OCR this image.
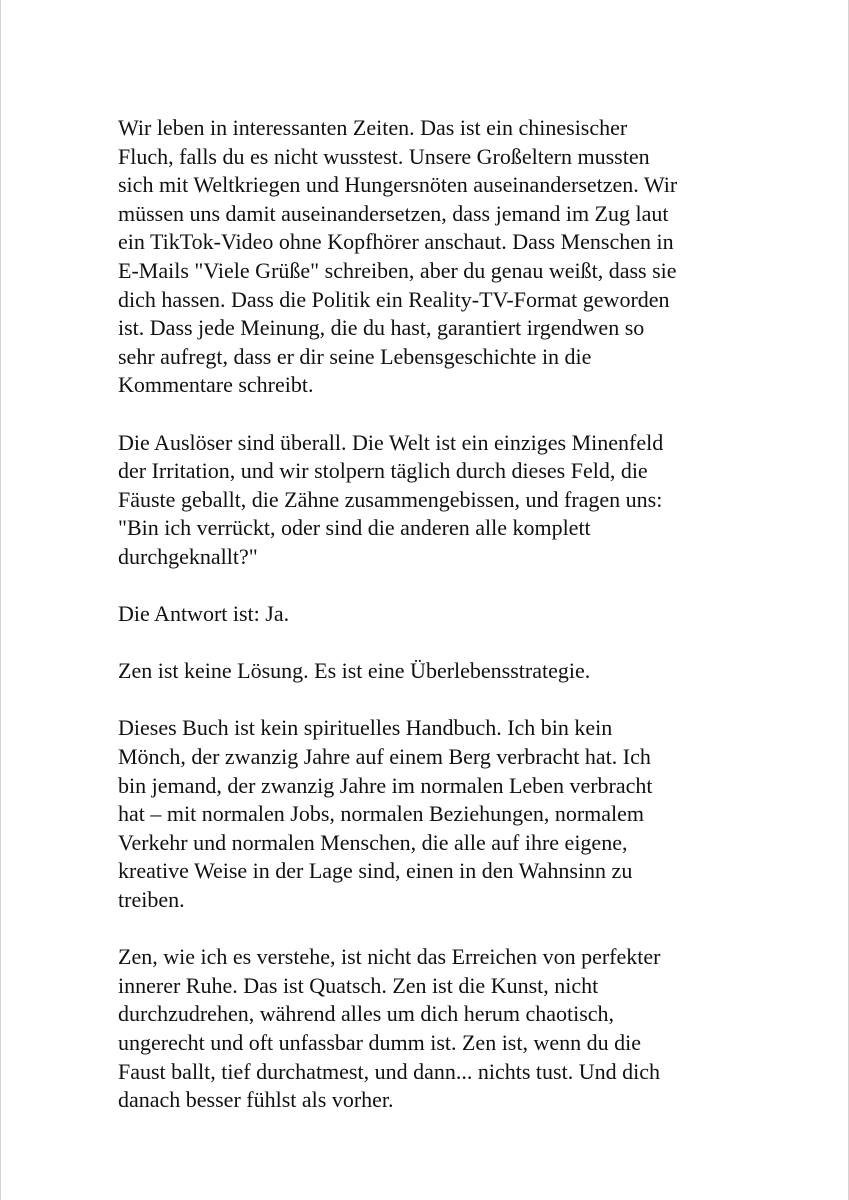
Wir leben in interessanten Zeiten. Das ist ein chinesischer
Fluch, falls du es nicht wusstest. Unsere Großeltern mussten
sich mit Weltkriegen und Hungersnöten auseinandersetzen. Wir
müssen uns damit auseinandersetzen, dass jemand im Zug laut
ein TikTok-Video ohne Kopfhörer anschaut. Dass Menschen in
E-Mails "Viele Grüße" schreiben, aber du genau weißt, dass sie
dich hassen. Dass die Politik ein Reality-TV-Format geworden
ist. Dass jede Meinung, die du hast, garantiert irgendwen so
sehr aufregt, dass er dir seine Lebensgeschichte in die
Kommentare schreibt.

Die Auslöser sind überall. Die Welt ist ein einziges Minenfeld
der Irritation, und wir stolpern täglich durch dieses Feld, die
Fäuste geballt, die Zähne zusammengebissen, und fragen uns:
"Bin ich verrückt, oder sind die anderen alle komplett
durchgeknallt?"

Die Antwort ist: Ja.

Zen ist keine Lösung. Es ist eine Überlebensstrategie.

Dieses Buch ist kein spirituelles Handbuch. Ich bin kein
Mönch, der zwanzig Jahre auf einem Berg verbracht hat. Ich
bin jemand, der zwanzig Jahre im normalen Leben verbracht
hat – mit normalen Jobs, normalen Beziehungen, normalem
Verkehr und normalen Menschen, die alle auf ihre eigene,
kreative Weise in der Lage sind, einen in den Wahnsinn zu
treiben.

Zen, wie ich es verstehe, ist nicht das Erreichen von perfekter
innerer Ruhe. Das ist Quatsch. Zen ist die Kunst, nicht
durchzudrehen, während alles um dich herum chaotisch,
ungerecht und oft unfassbar dumm ist. Zen ist, wenn du die
Faust ballt, tief durchatmest, und dann... nichts tust. Und dich
danach besser fühlst als vorher.
